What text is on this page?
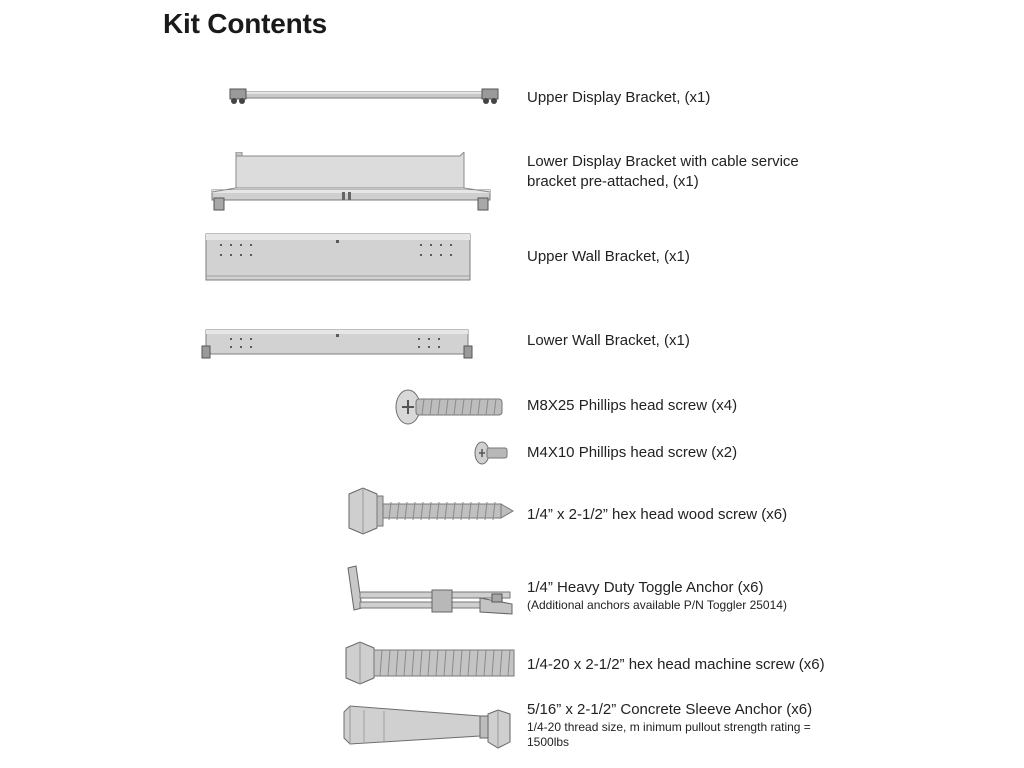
Kit Contents
Upper Display Bracket, (x1)
Lower Display Bracket with cable service
bracket pre-attached, (x1)
Upper Wall Bracket, (x1)
Lower Wall Bracket, (x1)
M8X25 Phillips head screw (x4)
M4X10 Phillips head screw (x2)
1/4” x 2-1/2” hex head wood screw (x6)
1/4” Heavy Duty Toggle Anchor (x6)
(Additional anchors available P/N Toggler 25014)
1/4-20 x 2-1/2” hex head machine screw (x6)
5/16” x 2-1/2” Concrete Sleeve Anchor (x6)
1/4-20 thread size, m inimum pullout strength rating =
1500lbs
